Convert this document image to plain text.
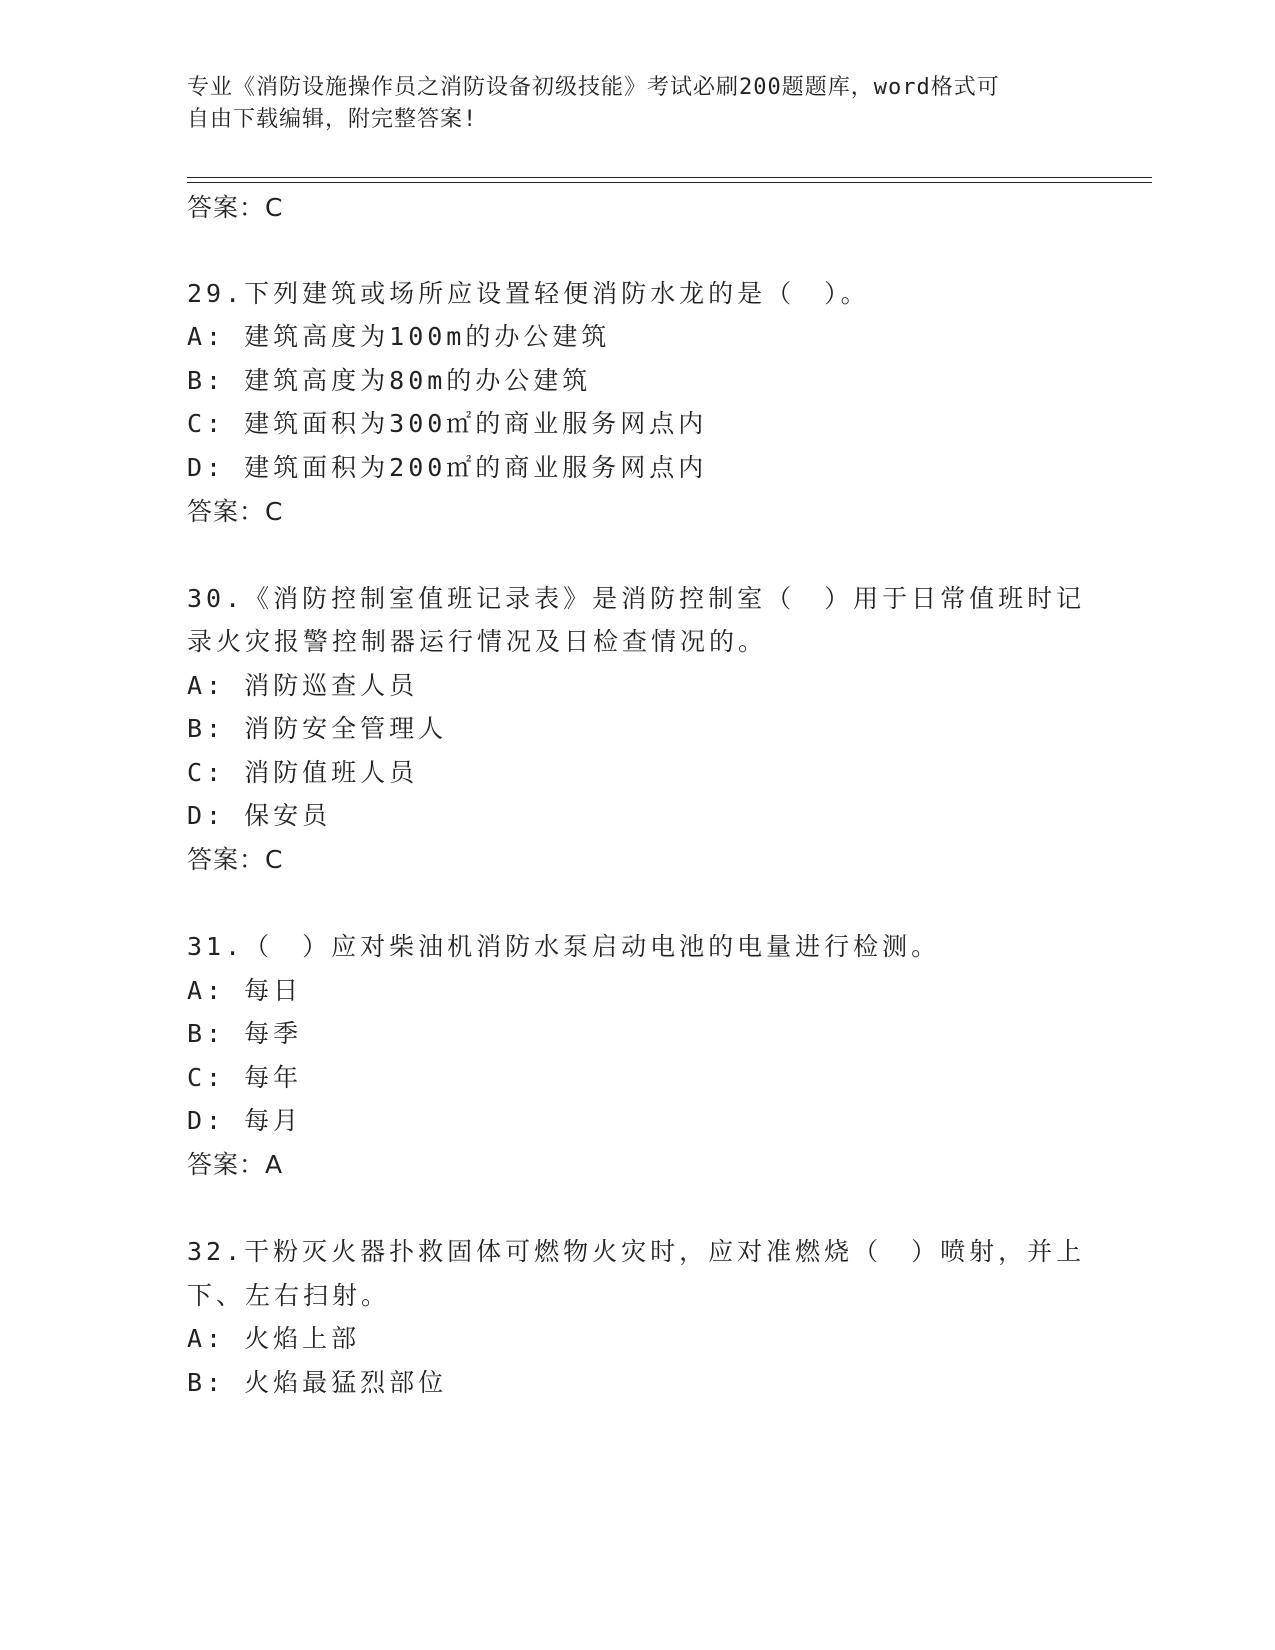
专业《消防设施操作员之消防设备初级技能》考试必刷200题题库，word格式可
自由下载编辑，附完整答案!
答案：C
29.下列建筑或场所应设置轻便消防水龙的是（　）。
A: 建筑高度为100m的办公建筑
B: 建筑高度为80m的办公建筑
C: 建筑面积为300㎡的商业服务网点内
D: 建筑面积为200㎡的商业服务网点内
答案：C
30.《消防控制室值班记录表》是消防控制室（　）用于日常值班时记
录火灾报警控制器运行情况及日检查情况的。
A: 消防巡查人员
B: 消防安全管理人
C: 消防值班人员
D: 保安员
答案：C
31.（　）应对柴油机消防水泵启动电池的电量进行检测。
A: 每日
B: 每季
C: 每年
D: 每月
答案：A
32.干粉灭火器扑救固体可燃物火灾时，应对准燃烧（　）喷射，并上
下、左右扫射。
A: 火焰上部
B: 火焰最猛烈部位
